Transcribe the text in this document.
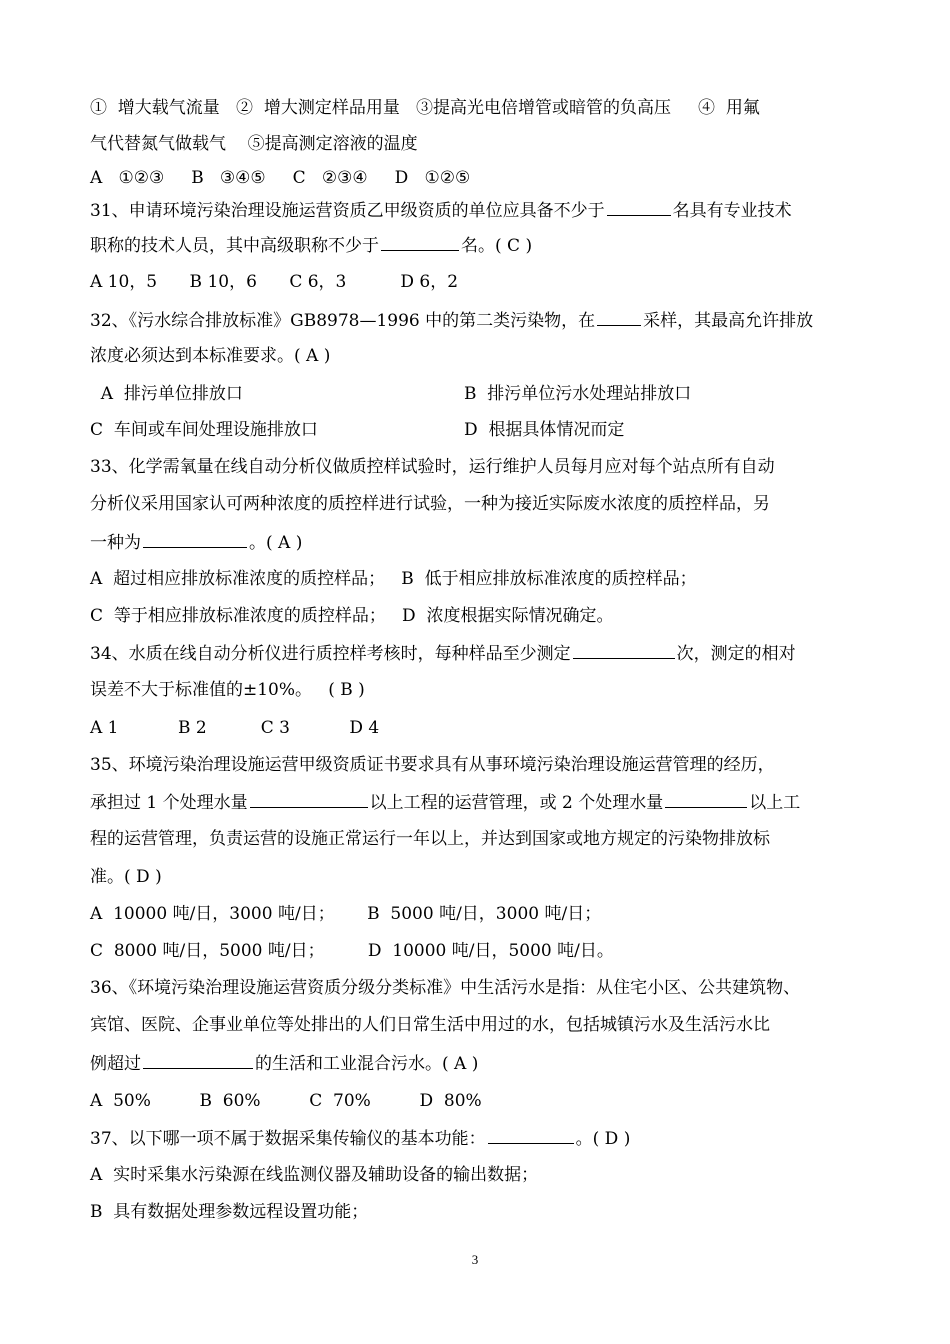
①  增大载气流量   ②  增大测定样品用量   ③提高光电倍增管或暗管的负高压     ④  用氟
气代替氮气做载气    ⑤提高测定溶液的温度
A   ①②③     B   ③④⑤     C   ②③④     D   ①②⑤
31、申请环境污染治理设施运营资质乙甲级资质的单位应具备不少于	名具有专业技术
职称的技术人员，其中高级职称不少于	名。( C )
A 10，5      B 10，6      C 6，3          D 6，2
32、《污水综合排放标准》GB8978—1996 中的第二类污染物，在	采样，其最高允许排放
浓度必须达到本标准要求。( A )

A  排污单位排放口

	B  排污单位污水处理站排放口

C  车间或车间处理设施排放口

	D  根据具体情况而定

33、化学需氧量在线自动分析仪做质控样试验时，运行维护人员每月应对每个站点所有自动
分析仪采用国家认可两种浓度的质控样进行试验，一种为接近实际废水浓度的质控样品，另
一种为	。( A )
A  超过相应排放标准浓度的质控样品；   B  低于相应排放标准浓度的质控样品；
C  等于相应排放标准浓度的质控样品；   D  浓度根据实际情况确定。
34、水质在线自动分析仪进行质控样考核时，每种样品至少测定	次，测定的相对
误差不大于标准值的±10%。   ( B )
A 1           B 2          C 3           D 4
35、环境污染治理设施运营甲级资质证书要求具有从事环境污染治理设施运营管理的经历，
承担过 1 个处理水量	以上工程的运营管理，或 2 个处理水量	以上工
程的运营管理，负责运营的设施正常运行一年以上，并达到国家或地方规定的污染物排放标
准。( D )
A  10000 吨/日，3000 吨/日；      B  5000 吨/日，3000 吨/日；
C  8000 吨/日，5000 吨/日；        D  10000 吨/日，5000 吨/日。
36、《环境污染治理设施运营资质分级分类标准》中生活污水是指：从住宅小区、公共建筑物、
宾馆、医院、企事业单位等处排出的人们日常生活中用过的水，包括城镇污水及生活污水比
例超过	的生活和工业混合污水。( A )
A  50%         B  60%         C  70%         D  80%
37、以下哪一项不属于数据采集传输仪的基本功能：	。( D )
A  实时采集水污染源在线监测仪器及辅助设备的输出数据；
B  具有数据处理参数远程设置功能；
3
